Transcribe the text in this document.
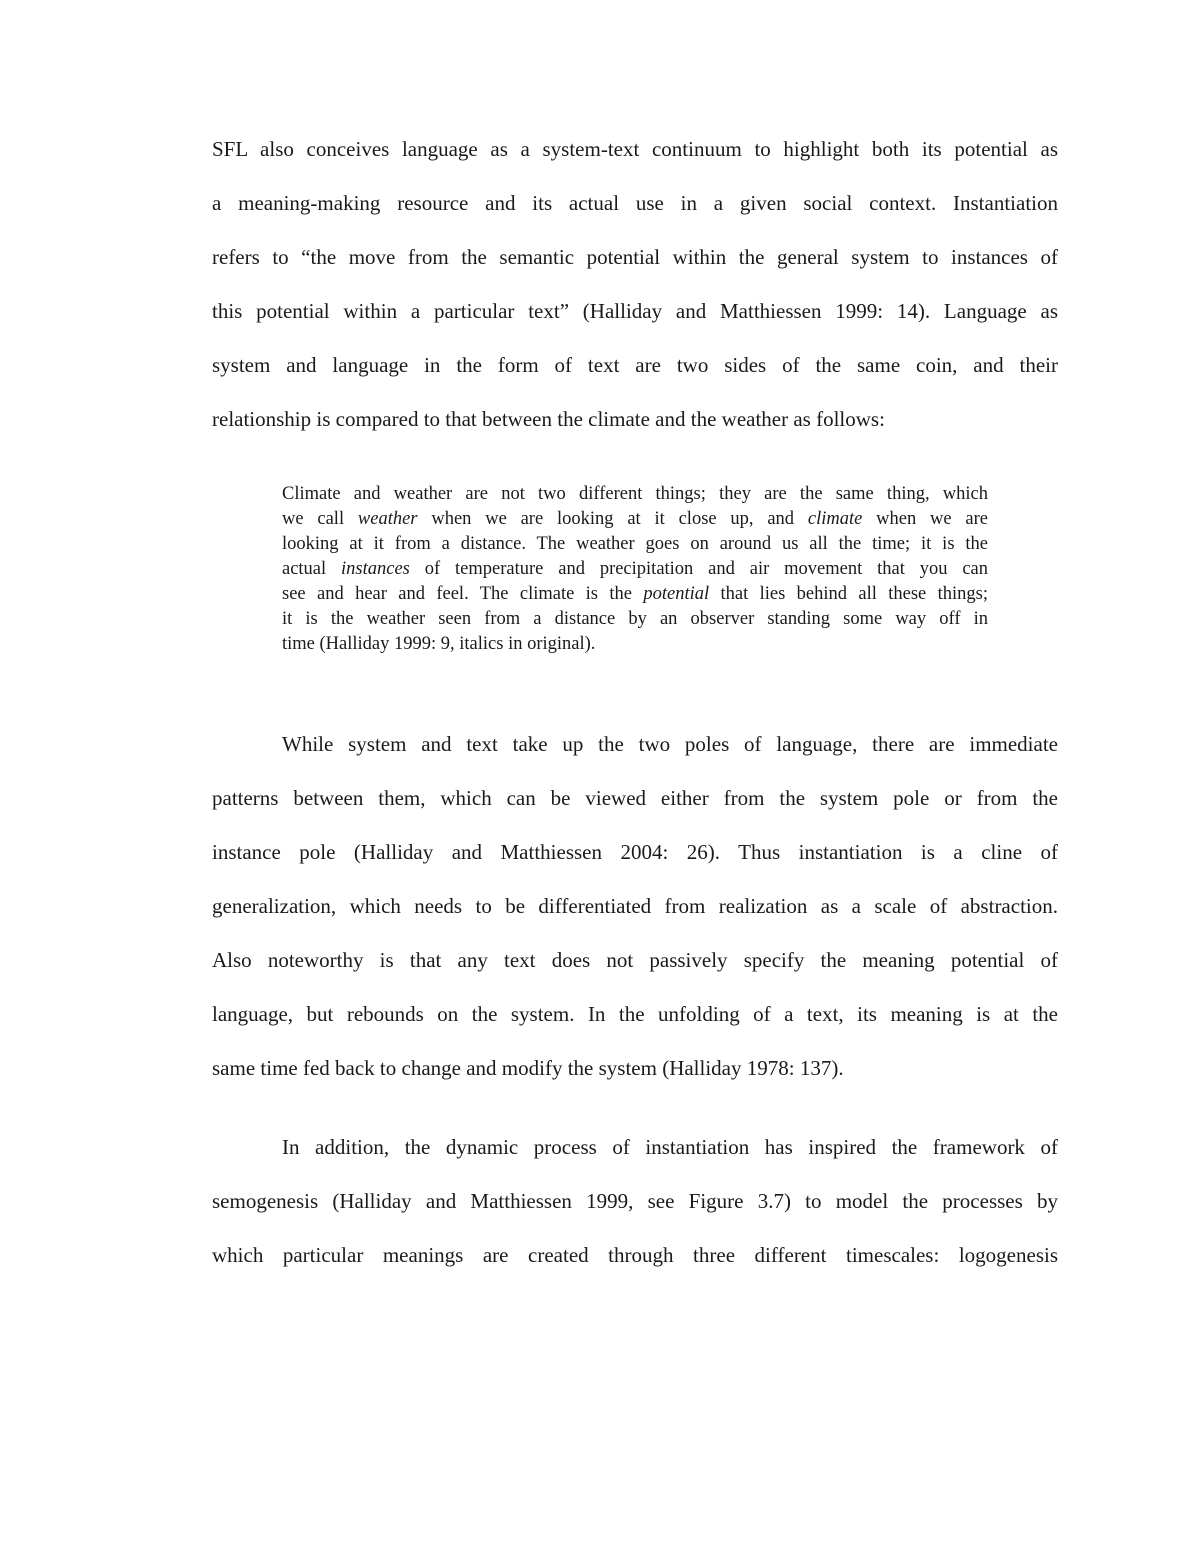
SFL also conceives language as a system-text continuum to highlight both its potential as
a meaning-making resource and its actual use in a given social context. Instantiation
refers to “the move from the semantic potential within the general system to instances of
this potential within a particular text” (Halliday and Matthiessen 1999: 14). Language as
system and language in the form of text are two sides of the same coin, and their
relationship is compared to that between the climate and the weather as follows:

Climate and weather are not two different things; they are the same thing, which
we call weather when we are looking at it close up, and climate when we are
looking at it from a distance. The weather goes on around us all the time; it is the
actual instances of temperature and precipitation and air movement that you can
see and hear and feel. The climate is the potential that lies behind all these things;
it is the weather seen from a distance by an observer standing some way off in
time (Halliday 1999: 9, italics in original).

While system and text take up the two poles of language, there are immediate
patterns between them, which can be viewed either from the system pole or from the
instance pole (Halliday and Matthiessen 2004: 26). Thus instantiation is a cline of
generalization, which needs to be differentiated from realization as a scale of abstraction.
Also noteworthy is that any text does not passively specify the meaning potential of
language, but rebounds on the system. In the unfolding of a text, its meaning is at the
same time fed back to change and modify the system (Halliday 1978: 137).

In addition, the dynamic process of instantiation has inspired the framework of
semogenesis (Halliday and Matthiessen 1999, see Figure 3.7) to model the processes by
which particular meanings are created through three different timescales: logogenesis
